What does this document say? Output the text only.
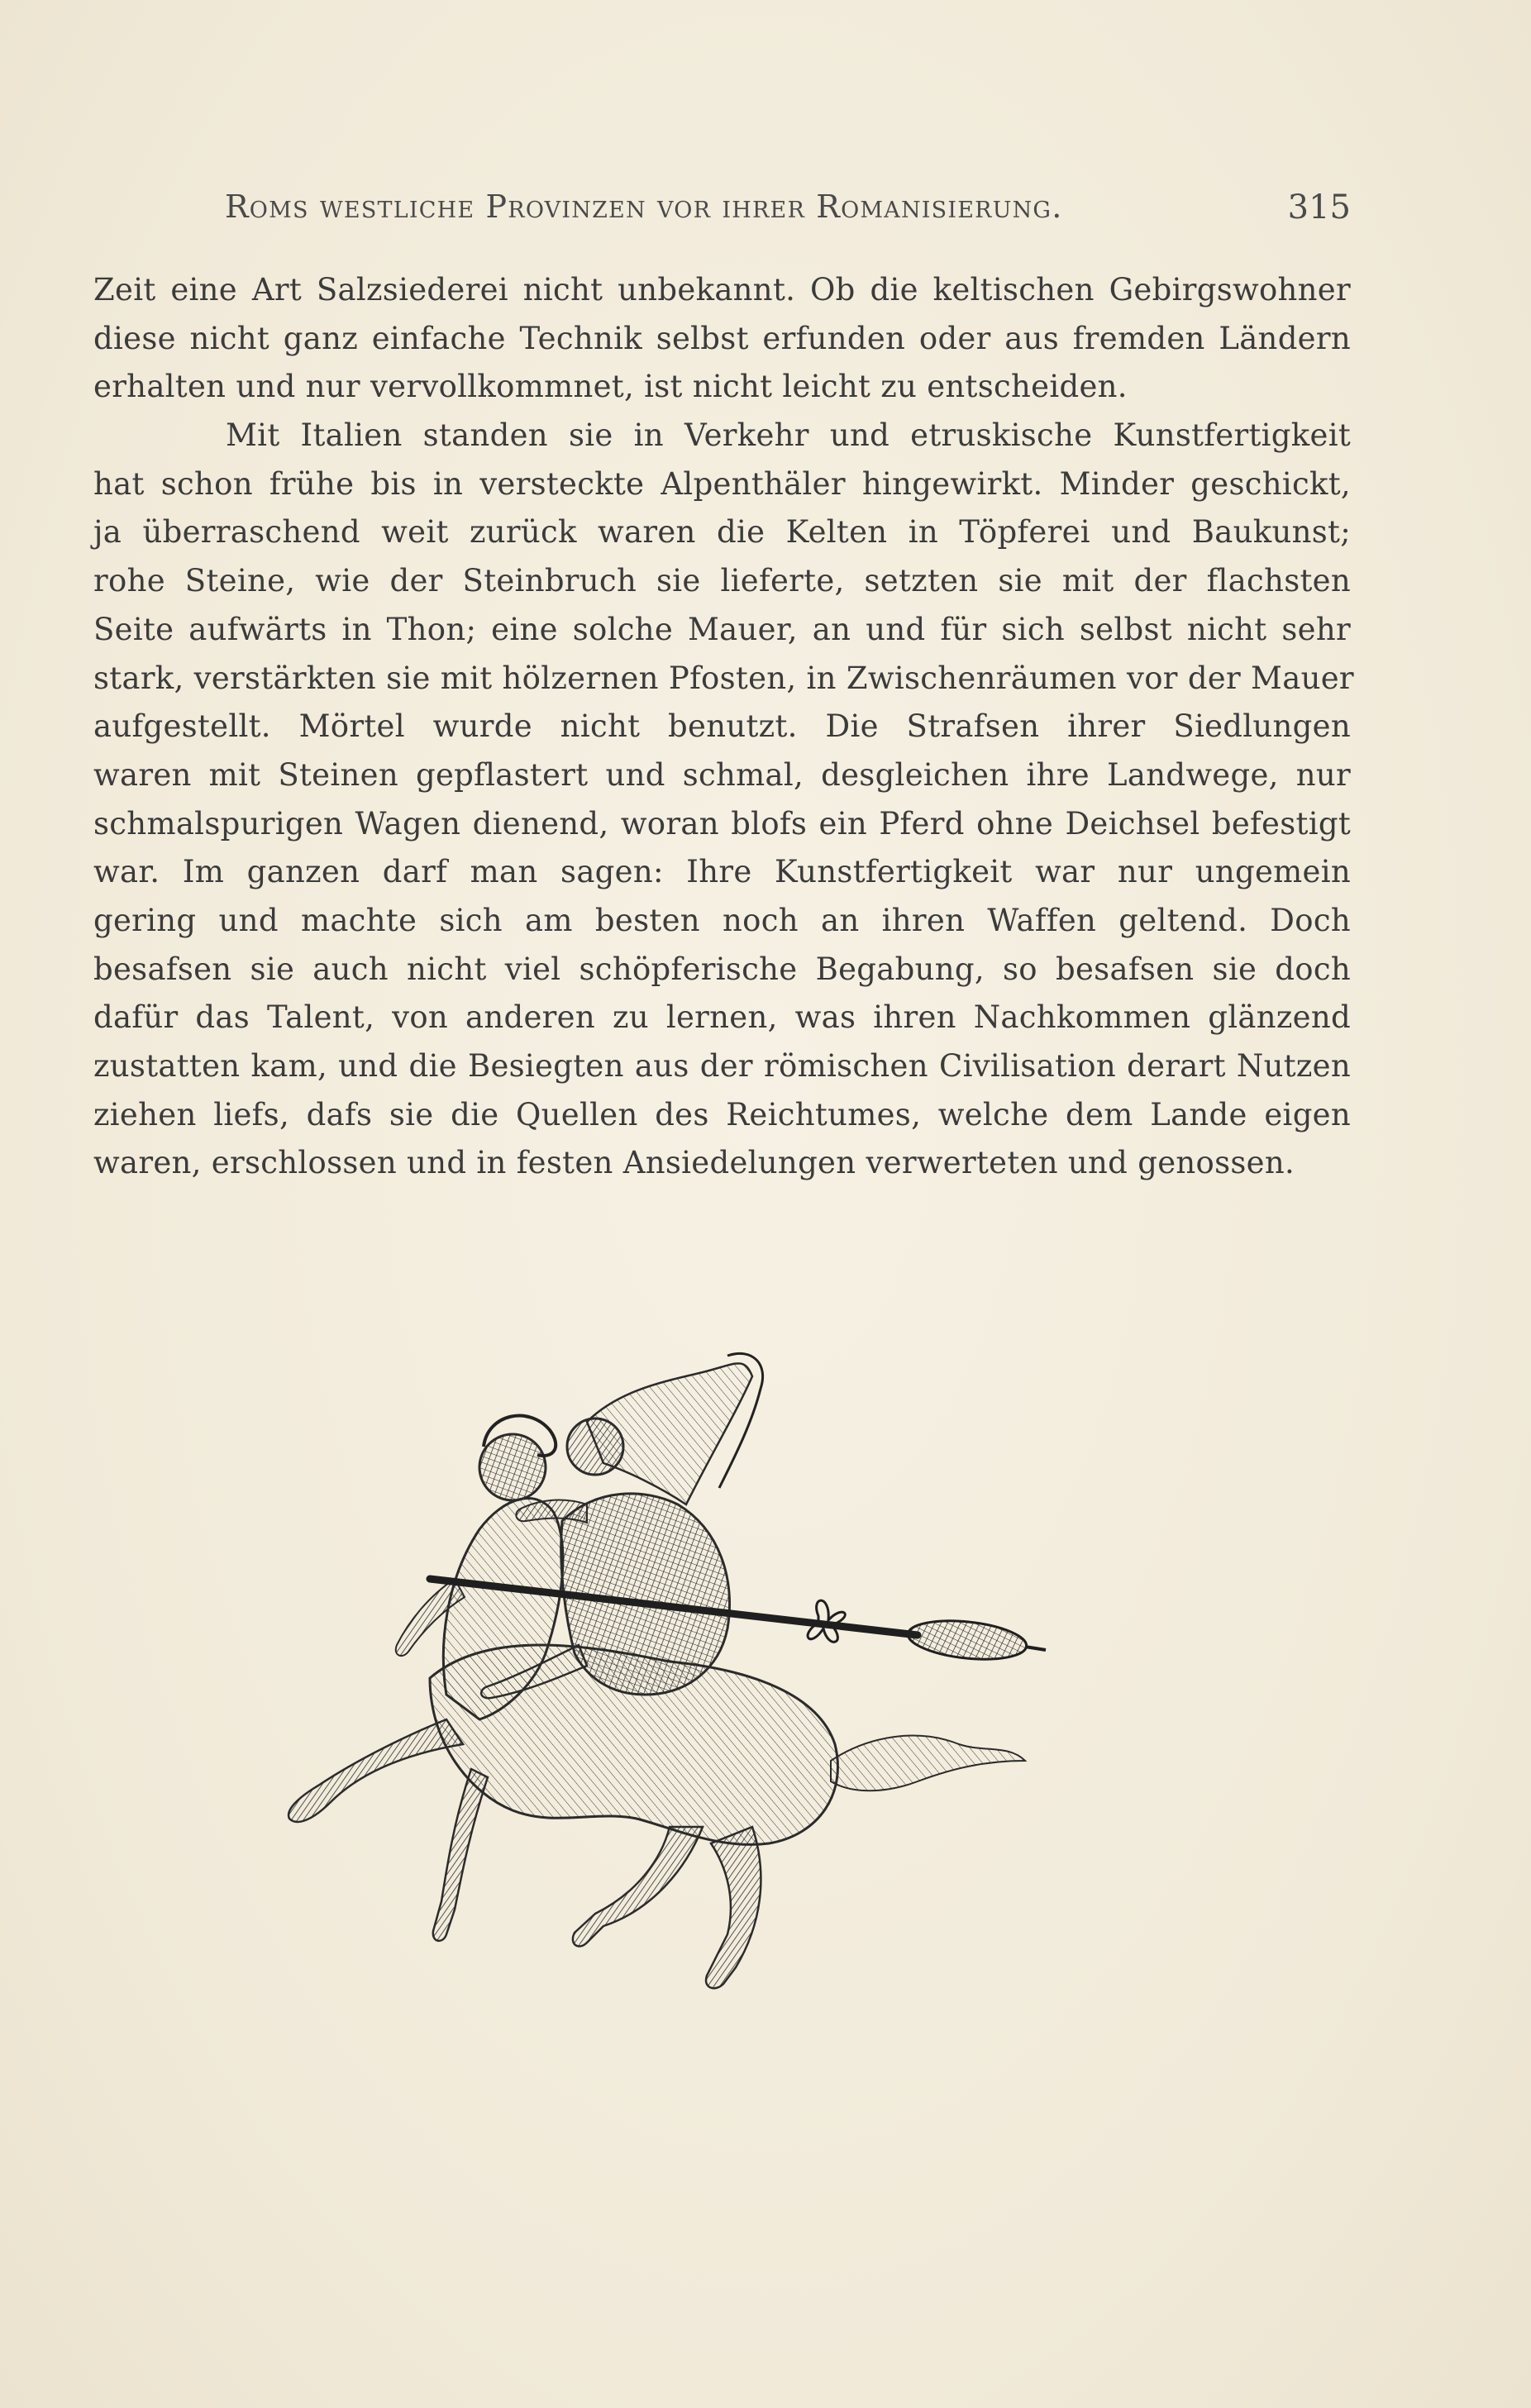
Roms westliche Provinzen vor ihrer Romanisierung.	315
Zeit eine Art Salzsiederei nicht unbekannt. Ob die keltischen Gebirgswohner
diese nicht ganz einfache Technik selbst erfunden oder aus fremden Ländern
erhalten und nur vervollkommnet, ist nicht leicht zu entscheiden.
Mit Italien standen sie in Verkehr und etruskische Kunstfertigkeit
hat schon frühe bis in versteckte Alpenthäler hingewirkt. Minder geschickt,
ja überraschend weit zurück waren die Kelten in Töpferei und Baukunst;
rohe Steine, wie der Steinbruch sie lieferte, setzten sie mit der flachsten
Seite aufwärts in Thon; eine solche Mauer, an und für sich selbst nicht sehr
stark, verstärkten sie mit hölzernen Pfosten, in Zwischenräumen vor der Mauer
aufgestellt. Mörtel wurde nicht benutzt. Die Strafsen ihrer Siedlungen
waren mit Steinen gepflastert und schmal, desgleichen ihre Landwege, nur
schmalspurigen Wagen dienend, woran blofs ein Pferd ohne Deichsel befestigt
war. Im ganzen darf man sagen: Ihre Kunstfertigkeit war nur ungemein
gering und machte sich am besten noch an ihren Waffen geltend. Doch
besafsen sie auch nicht viel schöpferische Begabung, so besafsen sie doch
dafür das Talent, von anderen zu lernen, was ihren Nachkommen glänzend
zustatten kam, und die Besiegten aus der römischen Civilisation derart Nutzen
ziehen liefs, dafs sie die Quellen des Reichtumes, welche dem Lande eigen
waren, erschlossen und in festen Ansiedelungen verwerteten und genossen.
